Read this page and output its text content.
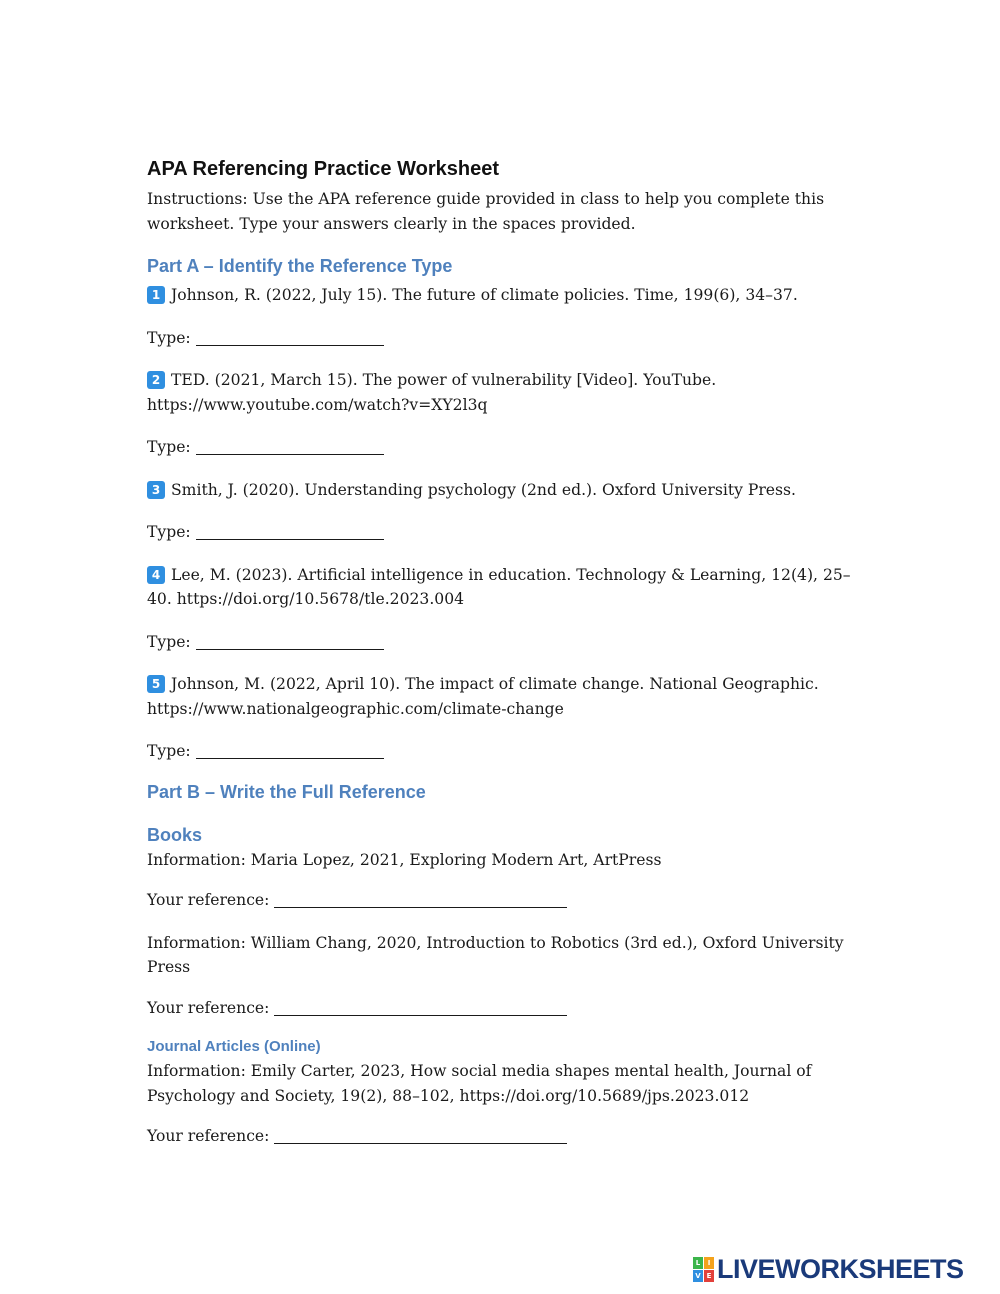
APA Referencing Practice Worksheet

Instructions: Use the APA reference guide provided in class to help you complete this worksheet. Type your answers clearly in the spaces provided.

Part A – Identify the Reference Type

1 Johnson, R. (2022, July 15). The future of climate policies. Time, 199(6), 34–37.

Type:

2 TED. (2021, March 15). The power of vulnerability [Video]. YouTube. https://www.youtube.com/watch?v=XY2l3q

Type:

3 Smith, J. (2020). Understanding psychology (2nd ed.). Oxford University Press.

Type:

4 Lee, M. (2023). Artificial intelligence in education. Technology & Learning, 12(4), 25–40. https://doi.org/10.5678/tle.2023.004

Type:

5 Johnson, M. (2022, April 10). The impact of climate change. National Geographic. https://www.nationalgeographic.com/climate-change

Type:
Part B – Write the Full Reference
Books

Information: Maria Lopez, 2021, Exploring Modern Art, ArtPress

Your reference:

Information: William Chang, 2020, Introduction to Robotics (3rd ed.), Oxford University Press

Your reference:
Journal Articles (Online)

Information: Emily Carter, 2023, How social media shapes mental health, Journal of Psychology and Society, 19(2), 88–102, https://doi.org/10.5689/jps.2023.012

Your reference:
L	I
V E LIVEWORKSHEETS
